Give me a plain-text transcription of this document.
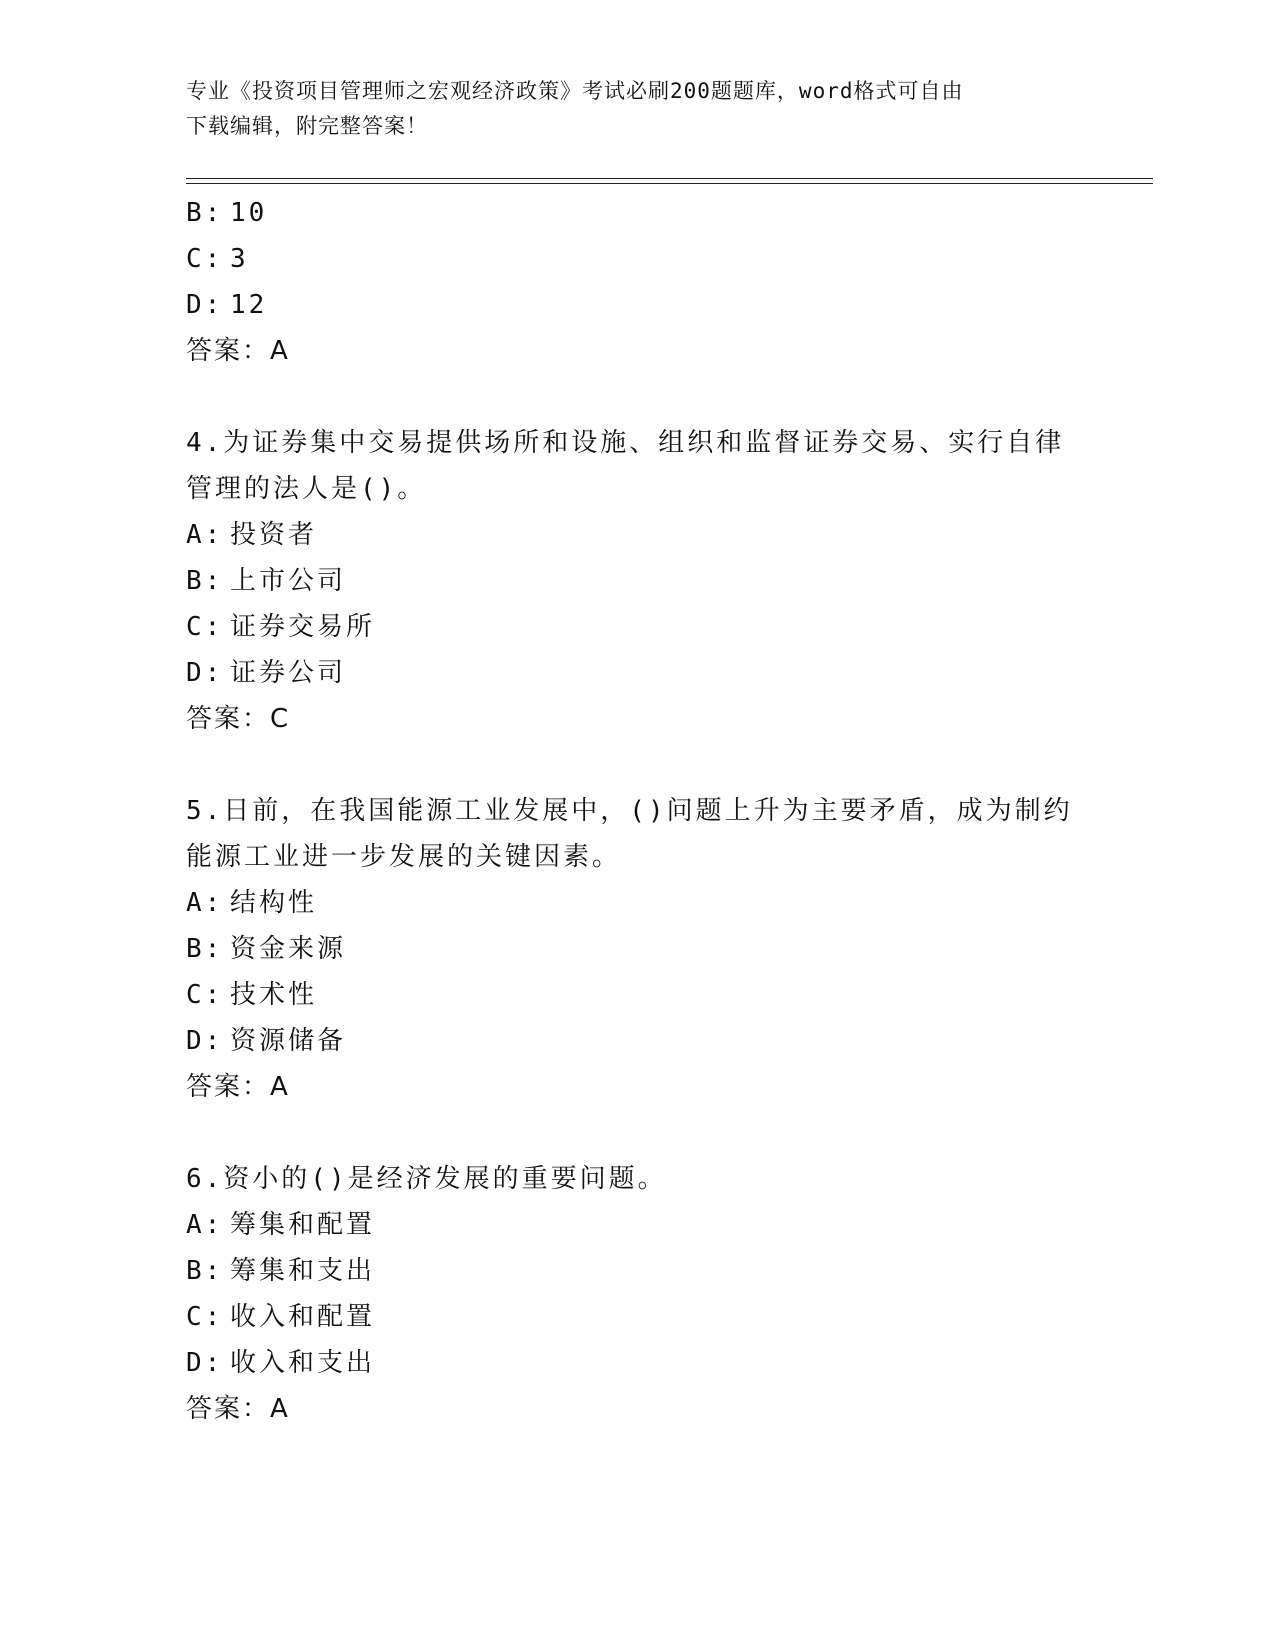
专业《投资项目管理师之宏观经济政策》考试必刷200题题库，word格式可自由
下载编辑，附完整答案！
B: 10
C: 3
D: 12
答案：A
4.为证券集中交易提供场所和设施、组织和监督证券交易、实行自律
管理的法人是()。
A: 投资者
B: 上市公司
C: 证券交易所
D: 证券公司
答案：C
5.日前，在我国能源工业发展中，()问题上升为主要矛盾，成为制约
能源工业进一步发展的关键因素。
A: 结构性
B: 资金来源
C: 技术性
D: 资源储备
答案：A
6.资小的()是经济发展的重要问题。
A: 筹集和配置
B: 筹集和支出
C: 收入和配置
D: 收入和支出
答案：A
